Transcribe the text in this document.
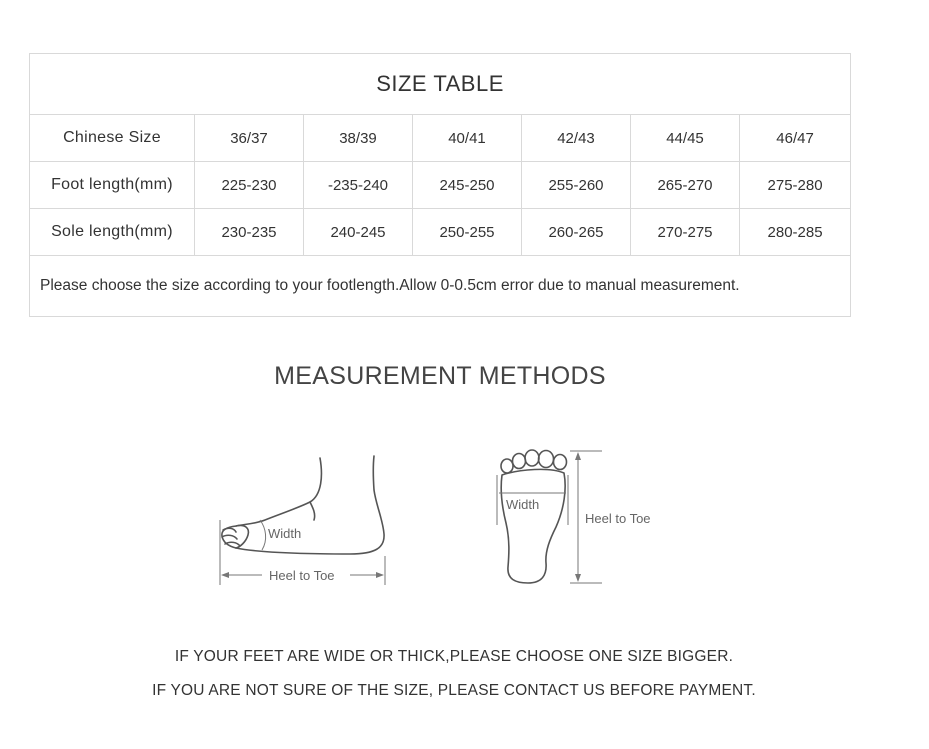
SIZE TABLE						
Chinese Size	36/37	38/39	40/41	42/43	44/45	46/47
Foot length(mm)	225-230	-235-240	245-250	255-260	265-270	275-280
Sole length(mm)	230-235	240-245	250-255	260-265	270-275	280-285
Please choose the size according to your footlength.Allow 0-0.5cm error due to manual measurement.						
MEASUREMENT METHODS
Width
Heel to Toe
Width
Heel to Toe
IF YOUR FEET ARE WIDE OR THICK,PLEASE CHOOSE ONE SIZE BIGGER.
IF YOU ARE NOT SURE OF THE SIZE, PLEASE CONTACT US BEFORE PAYMENT.
